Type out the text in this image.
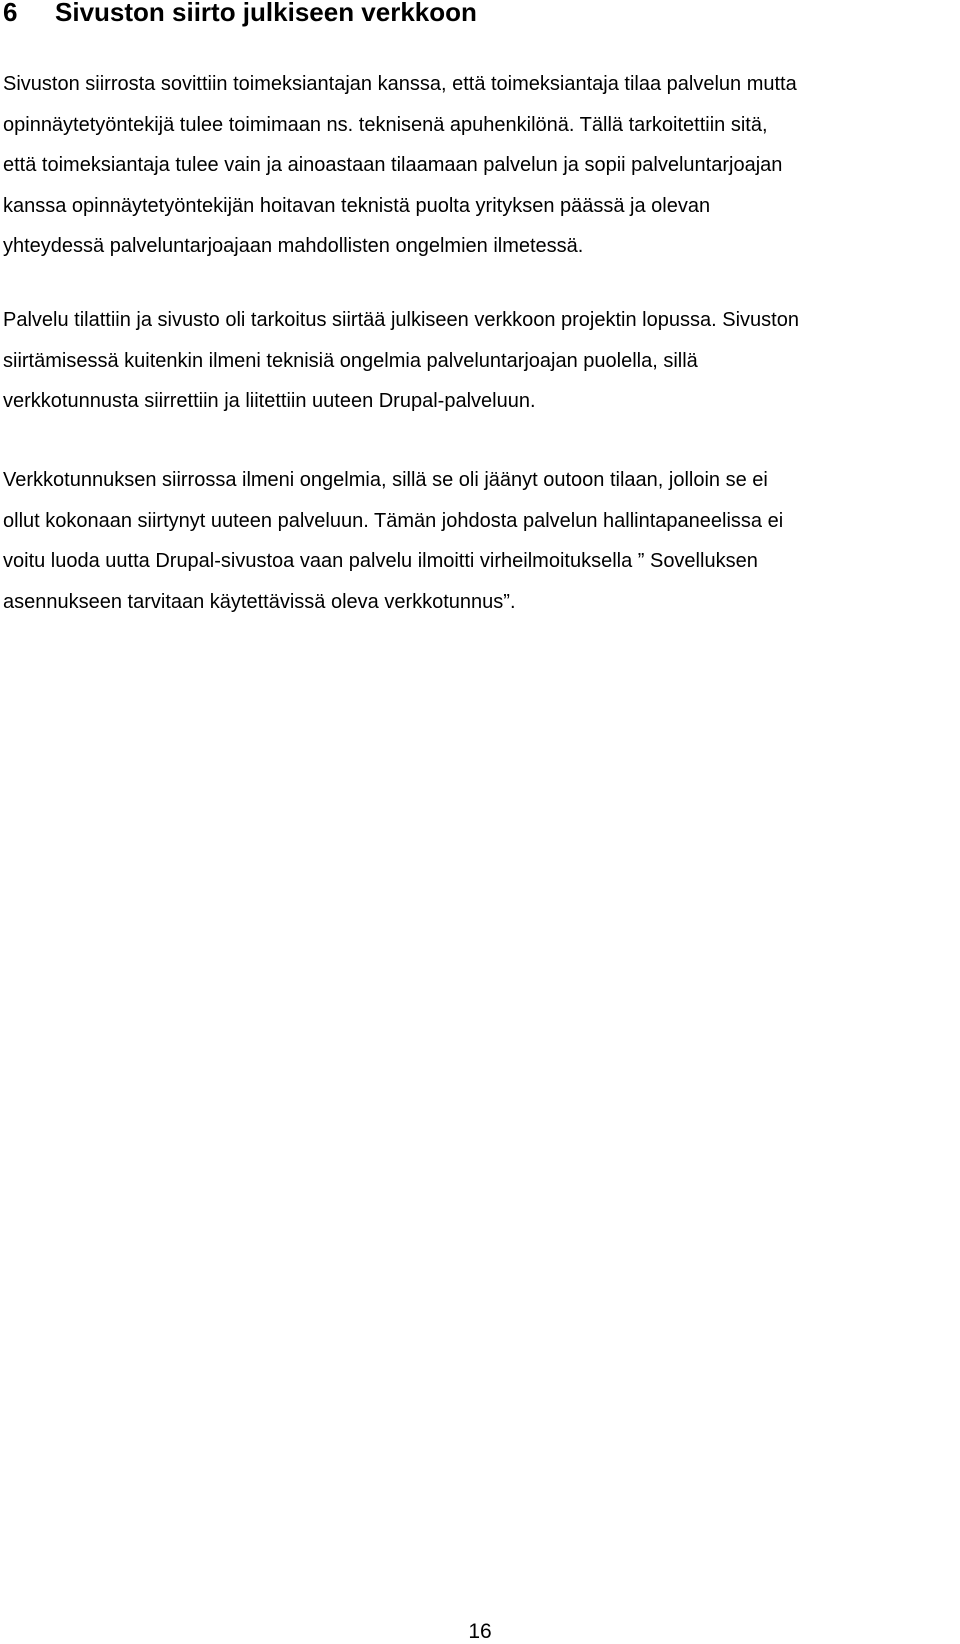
6 Sivuston siirto julkiseen verkkoon

Sivuston siirrosta sovittiin toimeksiantajan kanssa, että toimeksiantaja tilaa palvelun mutta
opinnäytetyöntekijä tulee toimimaan ns. teknisenä apuhenkilönä. Tällä tarkoitettiin sitä,
että toimeksiantaja tulee vain ja ainoastaan tilaamaan palvelun ja sopii palveluntarjoajan
kanssa opinnäytetyöntekijän hoitavan teknistä puolta yrityksen päässä ja olevan
yhteydessä palveluntarjoajaan mahdollisten ongelmien ilmetessä.

Palvelu tilattiin ja sivusto oli tarkoitus siirtää julkiseen verkkoon projektin lopussa. Sivuston
siirtämisessä kuitenkin ilmeni teknisiä ongelmia palveluntarjoajan puolella, sillä
verkkotunnusta siirrettiin ja liitettiin uuteen Drupal-palveluun.

Verkkotunnuksen siirrossa ilmeni ongelmia, sillä se oli jäänyt outoon tilaan, jolloin se ei
ollut kokonaan siirtynyt uuteen palveluun. Tämän johdosta palvelun hallintapaneelissa ei
voitu luoda uutta Drupal-sivustoa vaan palvelu ilmoitti virheilmoituksella ” Sovelluksen
asennukseen tarvitaan käytettävissä oleva verkkotunnus”.

16
